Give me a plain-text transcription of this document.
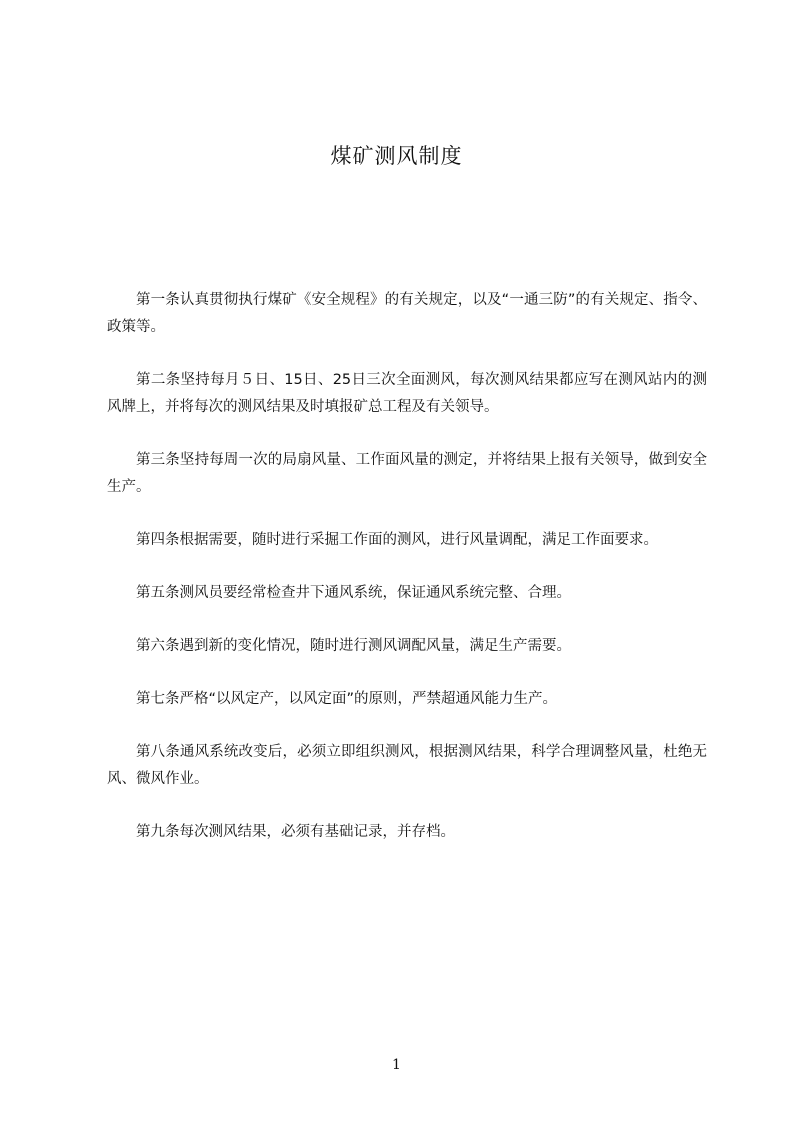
煤矿测风制度

第一条认真贯彻执行煤矿《安全规程》的有关规定，以及“一通三防”的有关规定、指令、政策等。

第二条坚持每月５日、15日、25日三次全面测风，每次测风结果都应写在测风站内的测风牌上，并将每次的测风结果及时填报矿总工程及有关领导。

第三条坚持每周一次的局扇风量、工作面风量的测定，并将结果上报有关领导，做到安全生产。

第四条根据需要，随时进行采掘工作面的测风，进行风量调配，满足工作面要求。

第五条测风员要经常检查井下通风系统，保证通风系统完整、合理。

第六条遇到新的变化情况，随时进行测风调配风量，满足生产需要。

第七条严格“以风定产，以风定面”的原则，严禁超通风能力生产。

第八条通风系统改变后，必须立即组织测风，根据测风结果，科学合理调整风量，杜绝无风、微风作业。

第九条每次测风结果，必须有基础记录，并存档。

1
